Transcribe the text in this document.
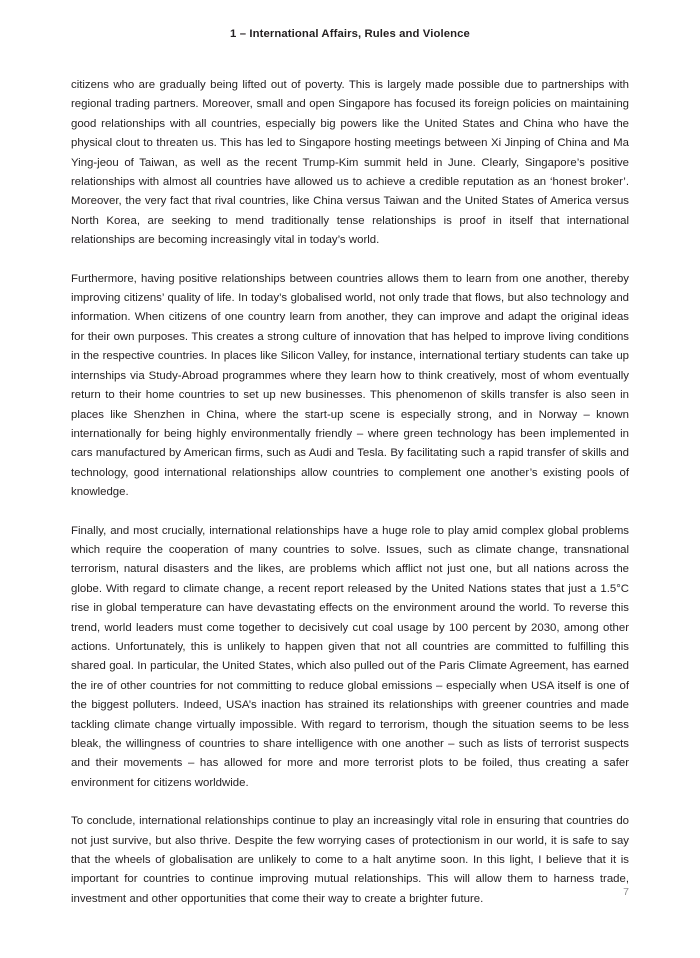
1 – International Affairs, Rules and Violence

citizens who are gradually being lifted out of poverty. This is largely made possible due to partnerships with regional trading partners. Moreover, small and open Singapore has focused its foreign policies on maintaining good relationships with all countries, especially big powers like the United States and China who have the physical clout to threaten us. This has led to Singapore hosting meetings between Xi Jinping of China and Ma Ying-jeou of Taiwan, as well as the recent Trump-Kim summit held in June. Clearly, Singapore’s positive relationships with almost all countries have allowed us to achieve a credible reputation as an ‘honest broker’. Moreover, the very fact that rival countries, like China versus Taiwan and the United States of America versus North Korea, are seeking to mend traditionally tense relationships is proof in itself that international relationships are becoming increasingly vital in today’s world.

Furthermore, having positive relationships between countries allows them to learn from one another, thereby improving citizens’ quality of life. In today’s globalised world, not only trade that flows, but also technology and information. When citizens of one country learn from another, they can improve and adapt the original ideas for their own purposes. This creates a strong culture of innovation that has helped to improve living conditions in the respective countries. In places like Silicon Valley, for instance, international tertiary students can take up internships via Study-Abroad programmes where they learn how to think creatively, most of whom eventually return to their home countries to set up new businesses. This phenomenon of skills transfer is also seen in places like Shenzhen in China, where the start-up scene is especially strong, and in Norway – known internationally for being highly environmentally friendly – where green technology has been implemented in cars manufactured by American firms, such as Audi and Tesla. By facilitating such a rapid transfer of skills and technology, good international relationships allow countries to complement one another’s existing pools of knowledge.

Finally, and most crucially, international relationships have a huge role to play amid complex global problems which require the cooperation of many countries to solve. Issues, such as climate change, transnational terrorism, natural disasters and the likes, are problems which afflict not just one, but all nations across the globe. With regard to climate change, a recent report released by the United Nations states that just a 1.5°C rise in global temperature can have devastating effects on the environment around the world. To reverse this trend, world leaders must come together to decisively cut coal usage by 100 percent by 2030, among other actions. Unfortunately, this is unlikely to happen given that not all countries are committed to fulfilling this shared goal. In particular, the United States, which also pulled out of the Paris Climate Agreement, has earned the ire of other countries for not committing to reduce global emissions – especially when USA itself is one of the biggest polluters. Indeed, USA’s inaction has strained its relationships with greener countries and made tackling climate change virtually impossible. With regard to terrorism, though the situation seems to be less bleak, the willingness of countries to share intelligence with one another – such as lists of terrorist suspects and their movements – has allowed for more and more terrorist plots to be foiled, thus creating a safer environment for citizens worldwide.

To conclude, international relationships continue to play an increasingly vital role in ensuring that countries do not just survive, but also thrive. Despite the few worrying cases of protectionism in our world, it is safe to say that the wheels of globalisation are unlikely to come to a halt anytime soon. In this light, I believe that it is important for countries to continue improving mutual relationships. This will allow them to harness trade, investment and other opportunities that come their way to create a brighter future.

7
